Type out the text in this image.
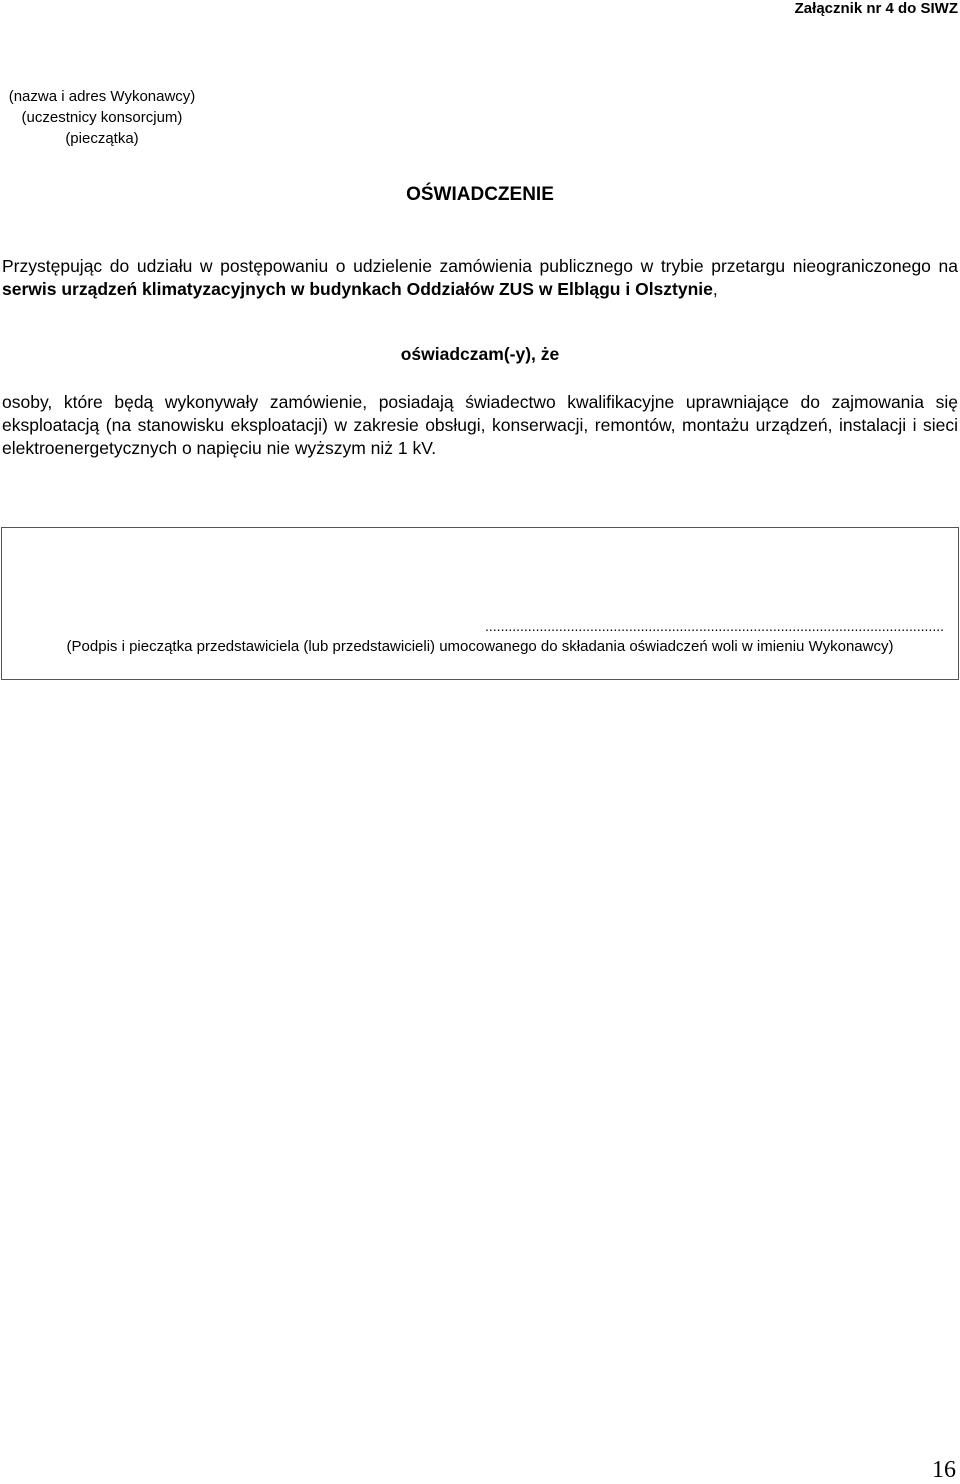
Załącznik nr 4 do SIWZ
(nazwa i adres Wykonawcy)
(uczestnicy konsorcjum)
(pieczątka)
OŚWIADCZENIE
Przystępując do udziału w postępowaniu o udzielenie zamówienia publicznego w trybie przetargu nieograniczonego na serwis urządzeń klimatyzacyjnych w budynkach Oddziałów ZUS w Elblągu i Olsztynie,
oświadczam(-y), że
osoby, które będą wykonywały zamówienie, posiadają świadectwo kwalifikacyjne uprawniające do zajmowania się eksploatacją (na stanowisku eksploatacji) w zakresie obsługi, konserwacji, remontów, montażu urządzeń, instalacji i sieci elektroenergetycznych o napięciu nie wyższym niż 1 kV.
......................................................................................................................
(Podpis i pieczątka przedstawiciela (lub przedstawicieli) umocowanego do składania oświadczeń woli w imieniu Wykonawcy)
16
